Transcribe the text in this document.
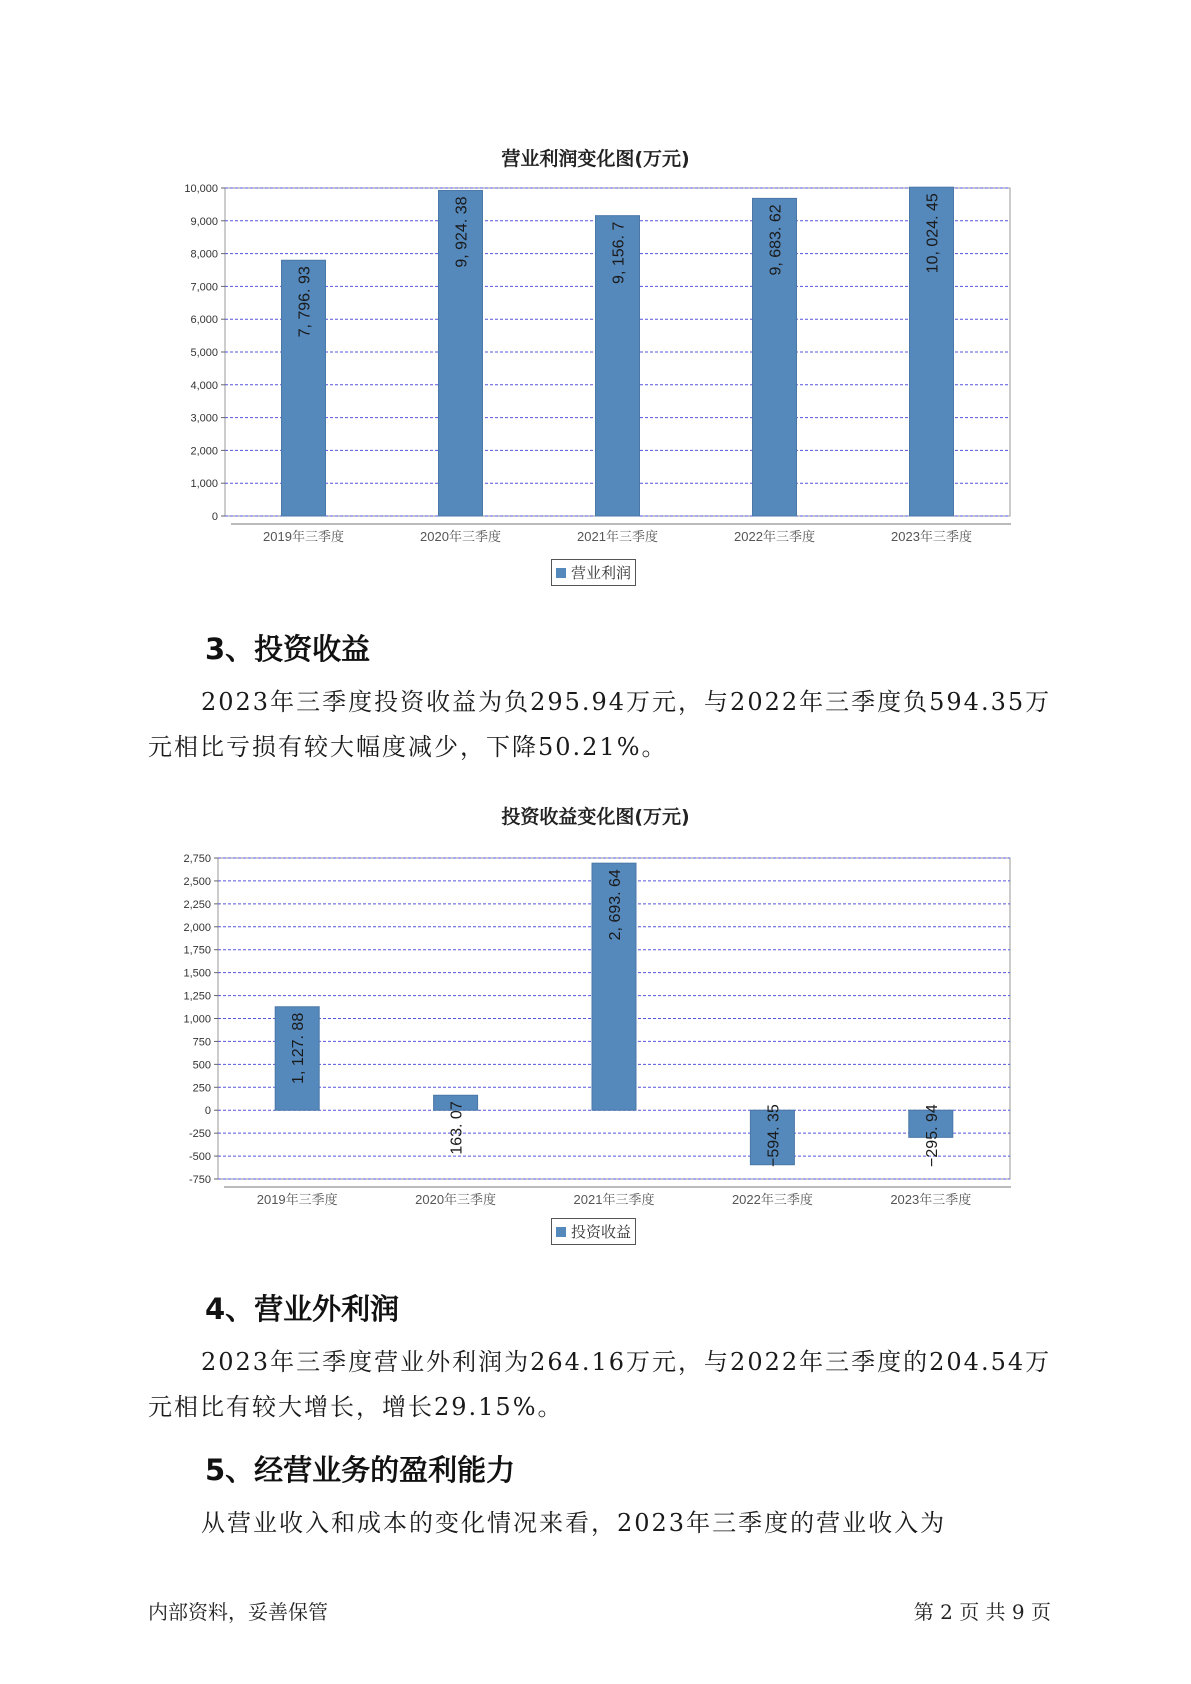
营业利润变化图(万元)
0
1,000
2,000
3,000
4,000
5,000
6,000
7,000
8,000
9,000
10,000
2019年三季度
7, 796. 93
2020年三季度
9, 924. 38
2021年三季度
9, 156. 7
2022年三季度
9, 683. 62
2023年三季度
10, 024. 45
营业利润
3、投资收益

2023年三季度投资收益为负295.94万元，与2022年三季度负594.35万元相比亏损有较大幅度减少，下降50.21%。

投资收益变化图(万元)
-750
-500
-250
0
250
500
750
1,000
1,250
1,500
1,750
2,000
2,250
2,500
2,750
2019年三季度
1, 127. 88
2020年三季度
163. 07
2021年三季度
2, 693. 64
2022年三季度
−594. 35
2023年三季度
−295. 94
投资收益
4、营业外利润

2023年三季度营业外利润为264.16万元，与2022年三季度的204.54万元相比有较大增长，增长29.15%。

5、经营业务的盈利能力

从营业收入和成本的变化情况来看，2023年三季度的营业收入为

内部资料，妥善保管	第 2 页 共 9 页
